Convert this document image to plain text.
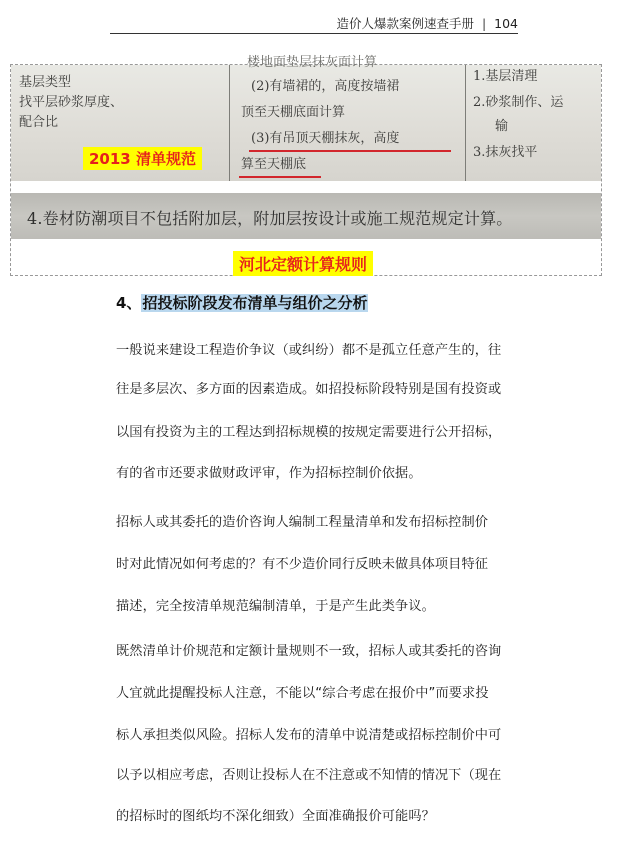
造价人爆款案例速查手册 | 104
基层类型
找平层砂浆厚度、
配合比
楼地面垫层抹灰面计算
(2)有墙裙的，高度按墙裙
顶至天棚底面计算
(3)有吊顶天棚抹灰，高度
算至天棚底
1.基层清理
2.砂浆制作、运
输
3.抹灰找平
2013 清单规范
4.卷材防潮项目不包括附加层，附加层按设计或施工规范规定计算。
河北定额计算规则
4、招投标阶段发布清单与组价之分析
一般说来建设工程造价争议（或纠纷）都不是孤立任意产生的，往
往是多层次、多方面的因素造成。如招投标阶段特别是国有投资或
以国有投资为主的工程达到招标规模的按规定需要进行公开招标，
有的省市还要求做财政评审，作为招标控制价依据。
招标人或其委托的造价咨询人编制工程量清单和发布招标控制价
时对此情况如何考虑的？有不少造价同行反映未做具体项目特征
描述，完全按清单规范编制清单，于是产生此类争议。
既然清单计价规范和定额计量规则不一致，招标人或其委托的咨询
人宜就此提醒投标人注意，不能以“综合考虑在报价中”而要求投
标人承担类似风险。招标人发布的清单中说清楚或招标控制价中可
以予以相应考虑，否则让投标人在不注意或不知情的情况下（现在
的招标时的图纸均不深化细致）全面准确报价可能吗？
